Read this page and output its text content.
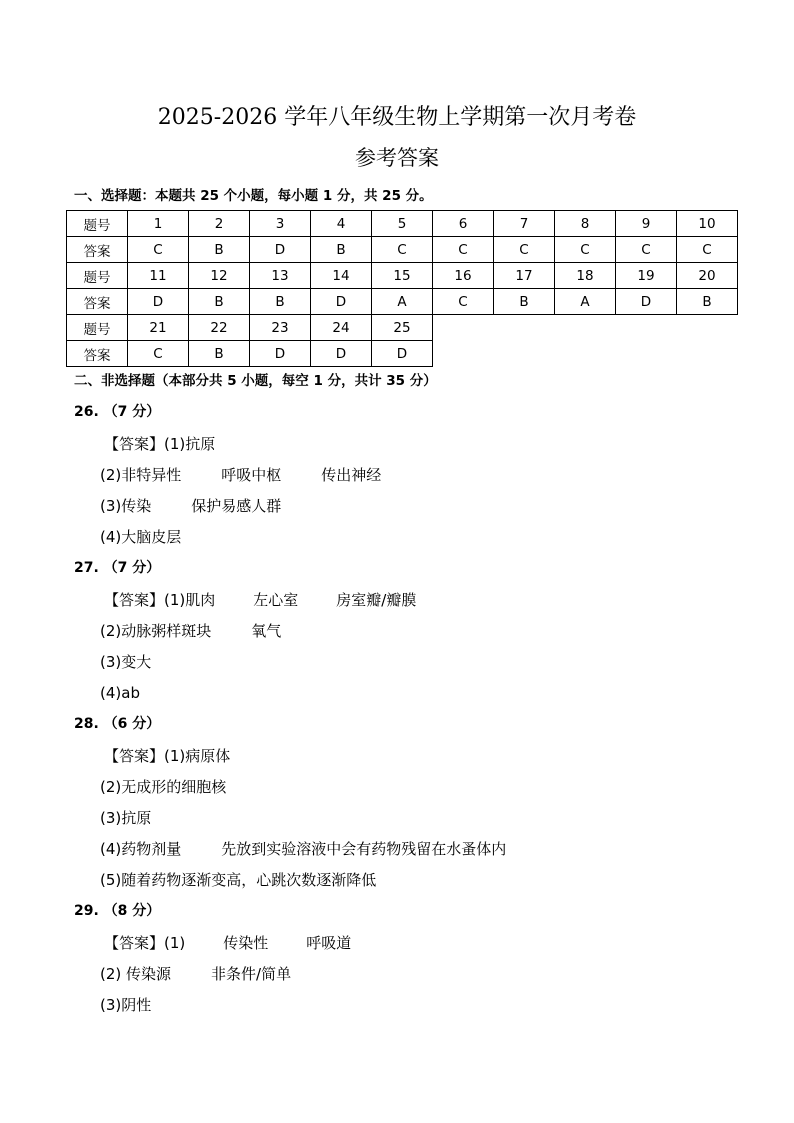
2025-2026 学年八年级生物上学期第一次月考卷
参考答案
一、选择题：本题共 25 个小题，每小题 1 分，共 25 分。
题号	1	2	3	4	5	6	7	8	9	10
答案	C	B	D	B	C	C	C	C	C	C
题号	11	12	13	14	15	16	17	18	19	20
答案	D	B	B	D	A	C	B	A	D	B
题号	21	22	23	24	25					
答案	C	B	D	D	D					
二、非选择题（本部分共 5 小题，每空 1 分，共计 35 分）
26. （7 分）
【答案】(1)抗原
(2)非特异性	呼吸中枢	传出神经
(3)传染	保护易感人群
(4)大脑皮层
27. （7 分）
【答案】(1)肌肉	左心室	房室瓣/瓣膜
(2)动脉粥样斑块	氧气
(3)变大
(4)ab
28. （6 分）
【答案】(1)病原体
(2)无成形的细胞核
(3)抗原
(4)药物剂量	先放到实验溶液中会有药物残留在水蚤体内
(5)随着药物逐渐变高，心跳次数逐渐降低
29. （8 分）
【答案】(1)	传染性	呼吸道
(2) 传染源	非条件/简单
(3)阴性
